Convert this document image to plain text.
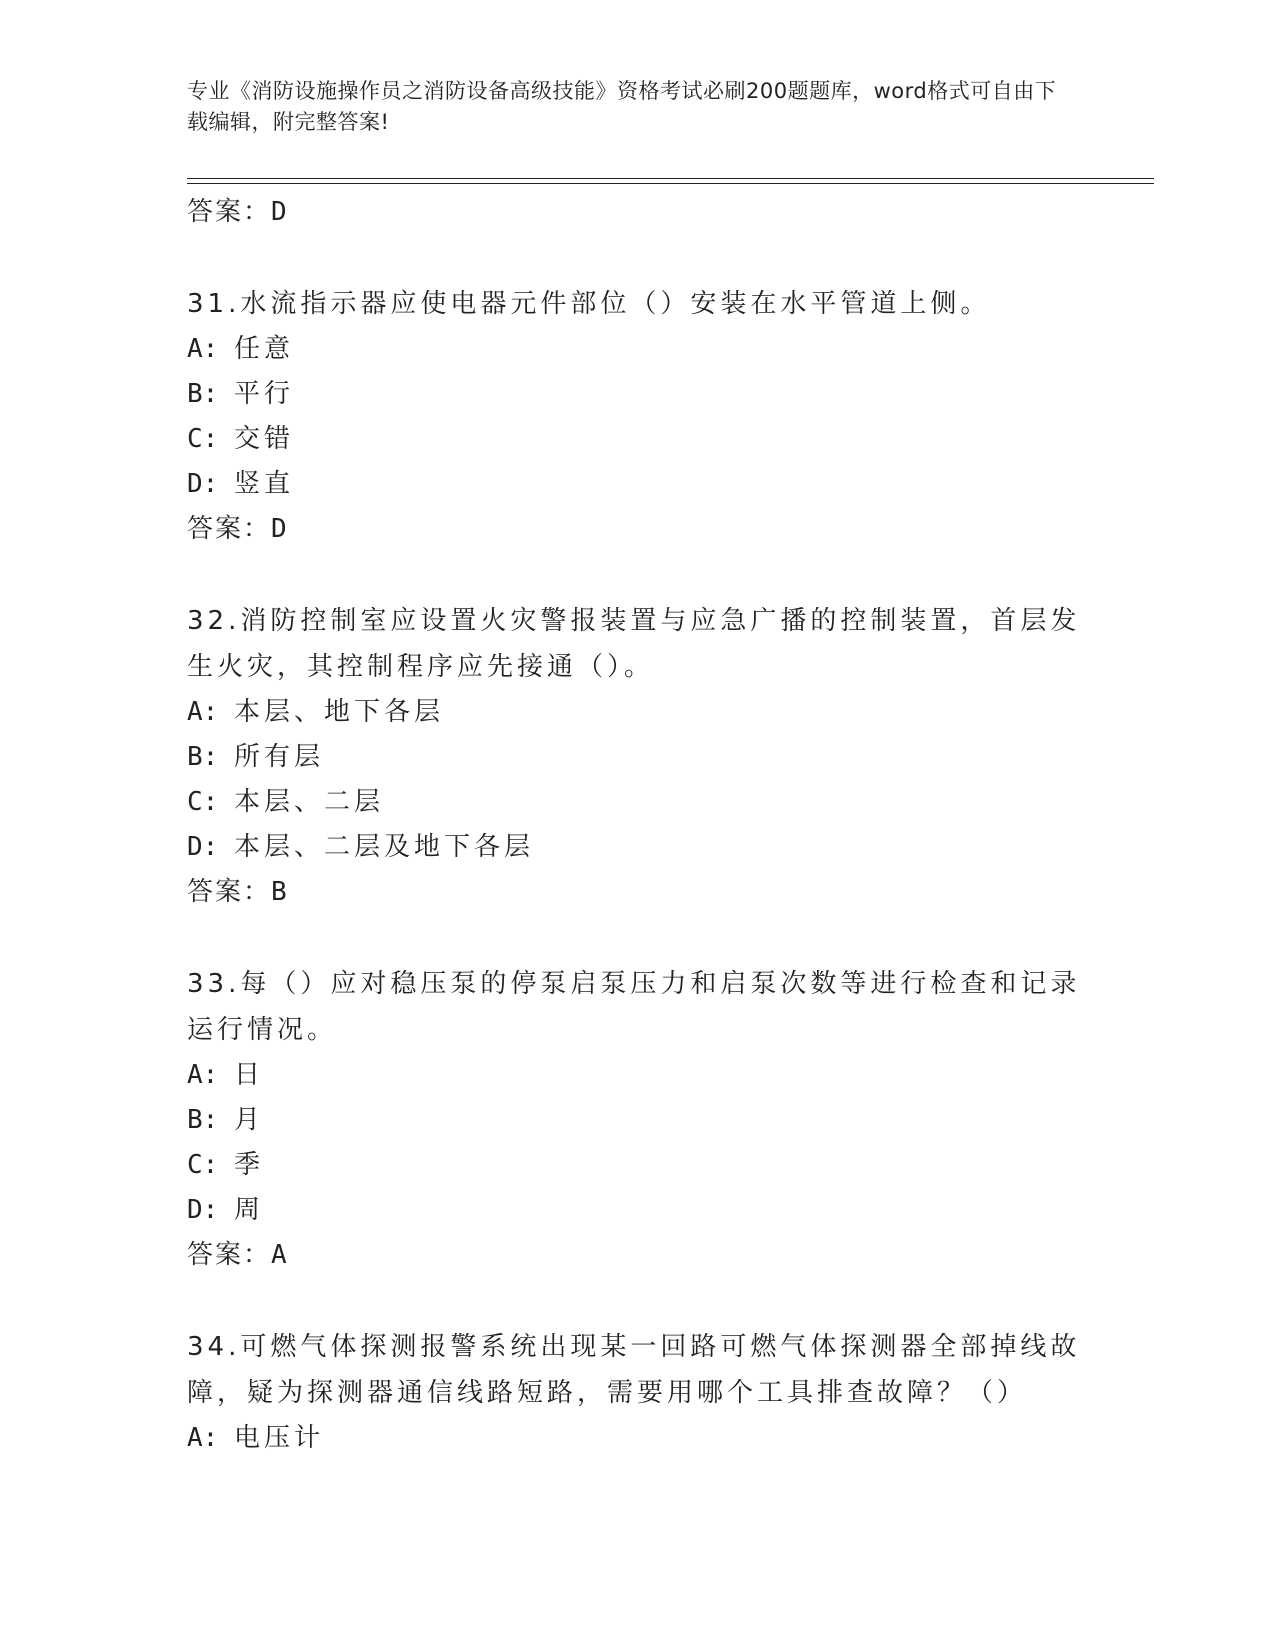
专业《消防设施操作员之消防设备高级技能》资格考试必刷200题题库，word格式可自由下载编辑，附完整答案!
答案：D
31.水流指示器应使电器元件部位（）安装在水平管道上侧。
A: 任意
B: 平行
C: 交错
D: 竖直
答案：D
32.消防控制室应设置火灾警报装置与应急广播的控制装置，首层发生火灾，其控制程序应先接通（）。
A: 本层、地下各层
B: 所有层
C: 本层、二层
D: 本层、二层及地下各层
答案：B
33.每（）应对稳压泵的停泵启泵压力和启泵次数等进行检查和记录运行情况。
A: 日
B: 月
C: 季
D: 周
答案：A
34.可燃气体探测报警系统出现某一回路可燃气体探测器全部掉线故障，疑为探测器通信线路短路，需要用哪个工具排查故障？（）
A: 电压计
